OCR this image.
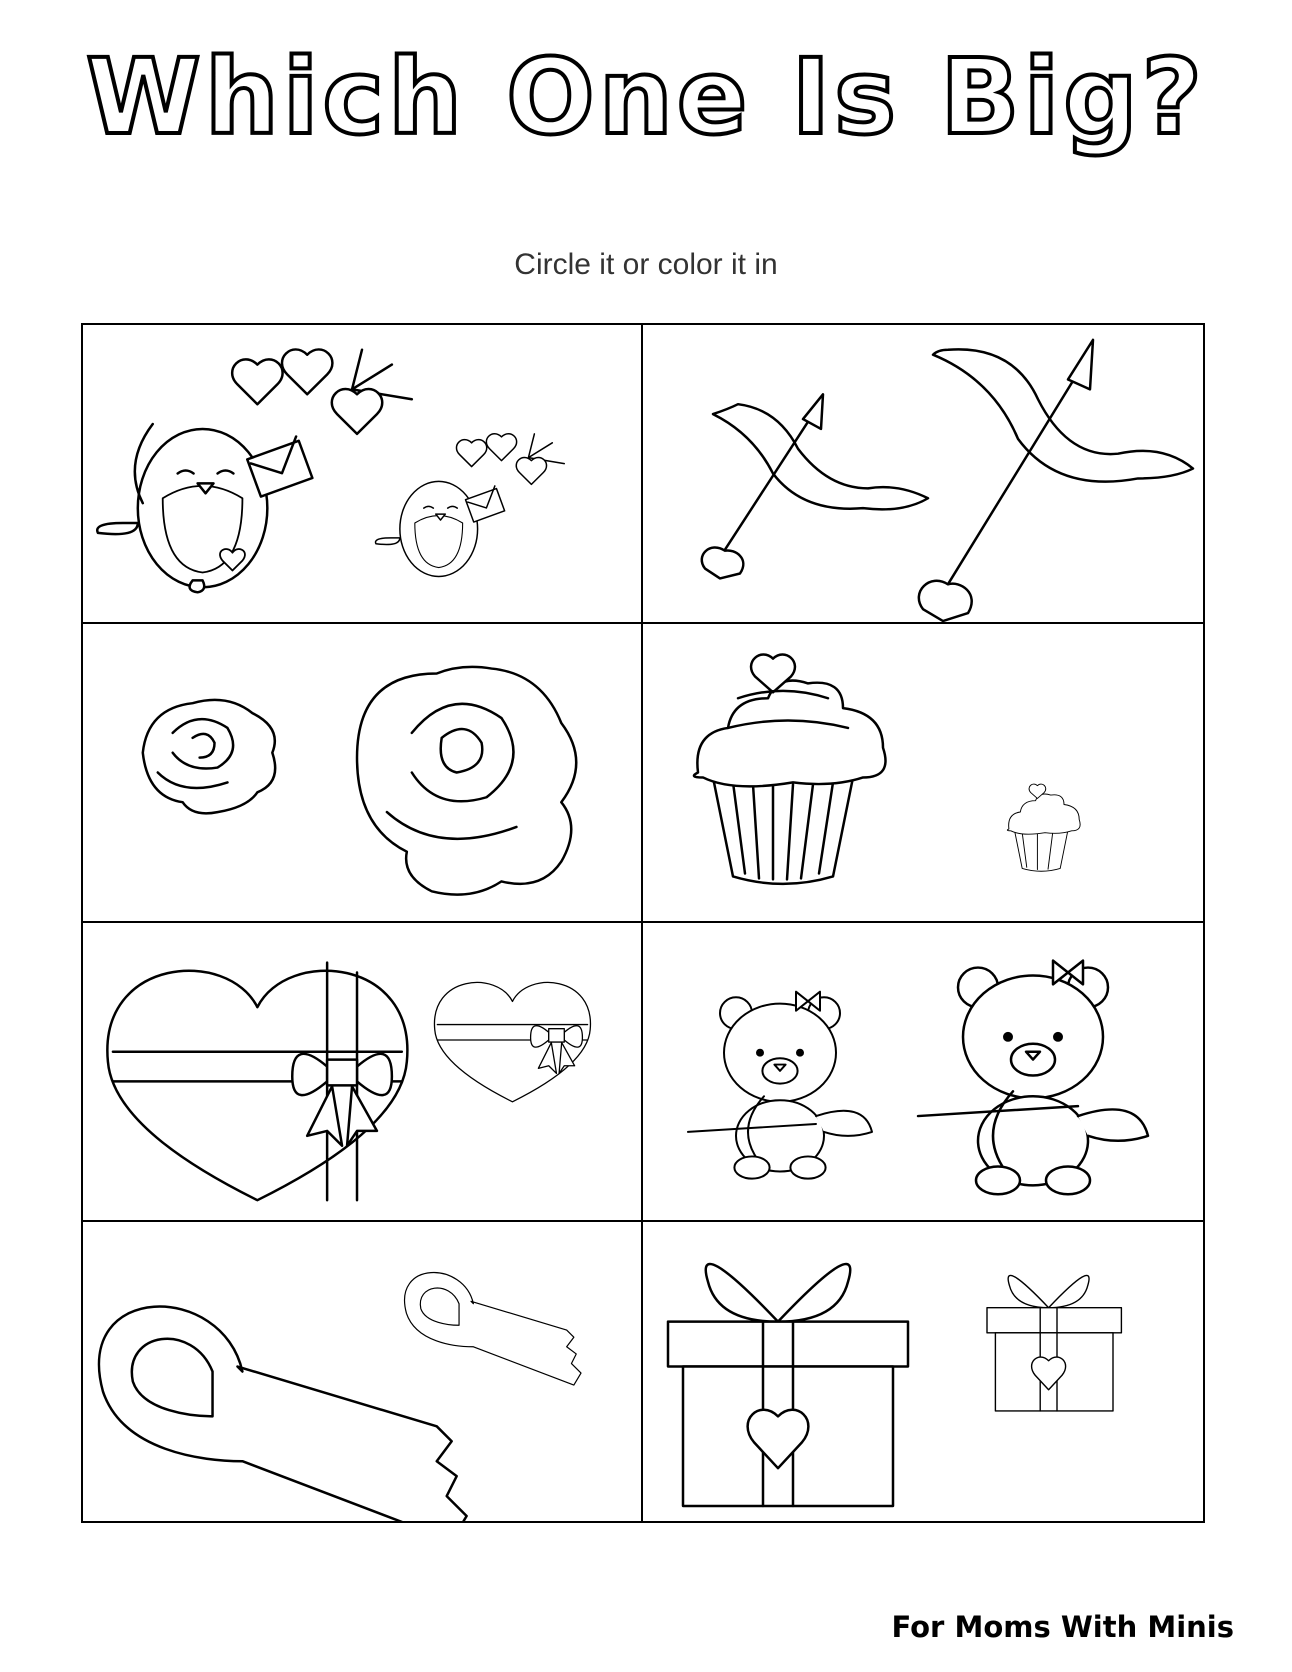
Which One Is Big?
Circle it or color it in
For Moms With Minis
